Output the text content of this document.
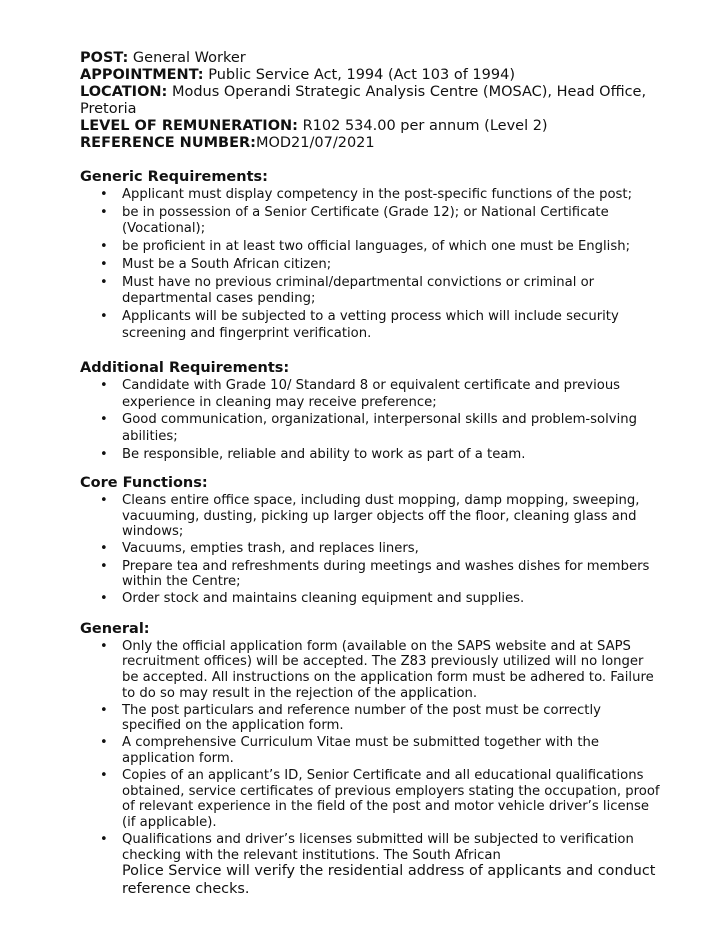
POST: General Worker

APPOINTMENT: Public Service Act, 1994 (Act 103 of 1994)

LOCATION: Modus Operandi Strategic Analysis Centre (MOSAC), Head Office, Pretoria

LEVEL OF REMUNERATION: R102 534.00 per annum (Level 2)

REFERENCE NUMBER:MOD21/07/2021

Generic Requirements:

• Applicant must display competency in the post-specific functions of the post;
• be in possession of a Senior Certificate (Grade 12); or National Certificate (Vocational);
• be proficient in at least two official languages, of which one must be English;
• Must be a South African citizen;
• Must have no previous criminal/departmental convictions or criminal or departmental cases pending;
• Applicants will be subjected to a vetting process which will include security screening and fingerprint verification.

Additional Requirements:

• Candidate with Grade 10/ Standard 8 or equivalent certificate and previous experience in cleaning may receive preference;
• Good communication, organizational, interpersonal skills and problem-solving abilities;
• Be responsible, reliable and ability to work as part of a team.

Core Functions:

• Cleans entire office space, including dust mopping, damp mopping, sweeping, vacuuming, dusting, picking up larger objects off the floor, cleaning glass and windows;
• Vacuums, empties trash, and replaces liners,
• Prepare tea and refreshments during meetings and washes dishes for members within the Centre;
• Order stock and maintains cleaning equipment and supplies.

General:

• Only the official application form (available on the SAPS website and at SAPS recruitment offices) will be accepted. The Z83 previously utilized will no longer be accepted. All instructions on the application form must be adhered to. Failure to do so may result in the rejection of the application.
• The post particulars and reference number of the post must be correctly specified on the application form.
• A comprehensive Curriculum Vitae must be submitted together with the application form.
• Copies of an applicant’s ID, Senior Certificate and all educational qualifications obtained, service certificates of previous employers stating the occupation, proof of relevant experience in the field of the post and motor vehicle driver’s license (if applicable).
• Qualifications and driver’s licenses submitted will be subjected to verification checking with the relevant institutions. The South African
Police Service will verify the residential address of applicants and conduct reference checks.
